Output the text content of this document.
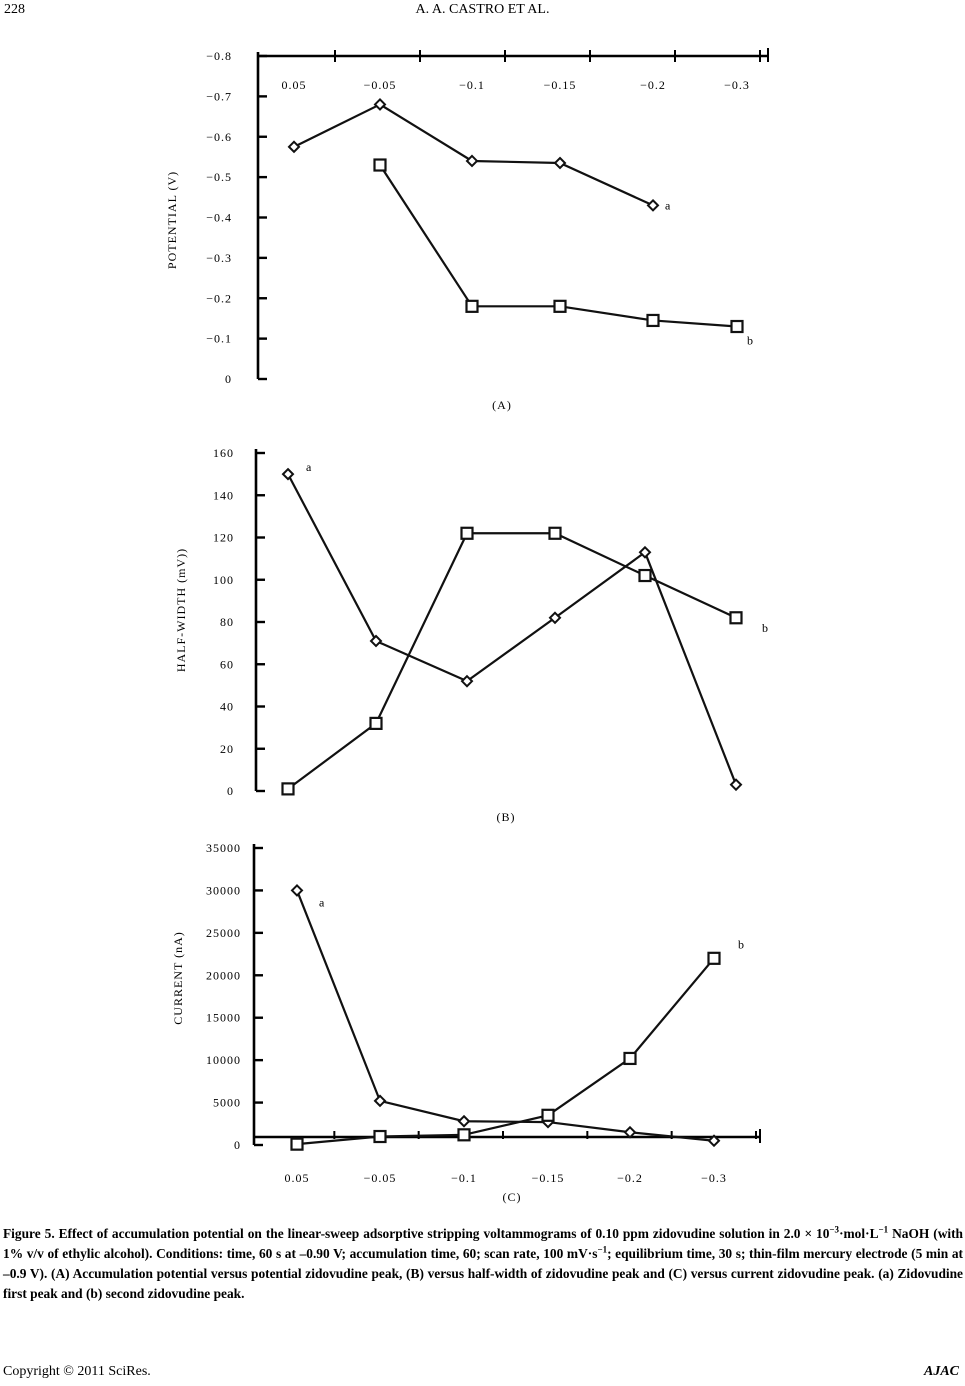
228	A. A. CASTRO ET AL.
0
−0.1
−0.2
−0.3
−0.4
−0.5
−0.6
−0.7
−0.8
0.05	−0.05	−0.1	−0.15	−0.2	−0.3
POTENTIAL (V)
(A)
a
b
0
20
40
60
80
100
120
140
160
HALF-WIDTH (mV))
(B)
a
b
0
5000
10000
15000
20000
25000
30000
35000
0.05	−0.05	−0.1	−0.15	−0.2	−0.3
CURRENT (nA)
(C)
a
b
Figure 5. Effect of accumulation potential on the linear-sweep adsorptive stripping voltammograms of 0.10 ppm zidovudine solution in $2.0 \times 10^{-3}\cdot mol\cdot L^{-1}$ NaOH (with 1% v/v of ethylic alcohol). Conditions: time, 60 s at –0.90 V; accumulation time, 60; scan rate, 100 $mV\cdot s^{-1}$; equilibrium time, 30 s; thin-film mercury electrode (5 min at –0.9 V). (A) Accumulation potential versus potential zidovudine peak, (B) versus half-width of zidovudine peak and (C) versus current zidovudine peak. (a) Zidovudine first peak and (b) second zidovudine peak.
Copyright © 2011 SciRes.	AJAC
